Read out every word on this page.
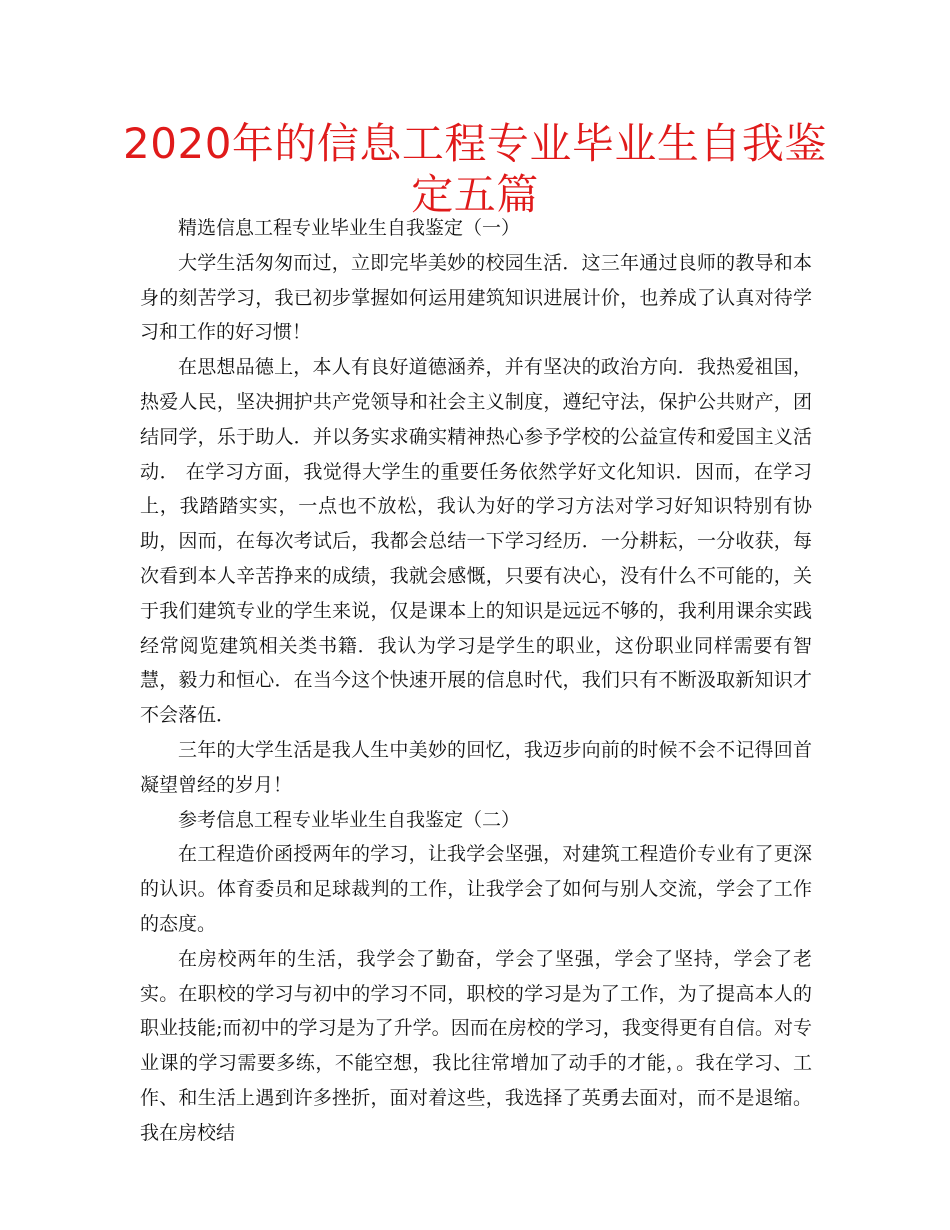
2020年的信息工程专业毕业生自我鉴定五篇

精选信息工程专业毕业生自我鉴定（一）

大学生活匆匆而过，立即完毕美妙的校园生活．这三年通过良师的教导和本身的刻苦学习，我已初步掌握如何运用建筑知识进展计价，也养成了认真对待学习和工作的好习惯！

在思想品德上，本人有良好道德涵养，并有坚决的政治方向．我热爱祖国，热爱人民，坚决拥护共产党领导和社会主义制度，遵纪守法，保护公共财产，团结同学，乐于助人．并以务实求确实精神热心参予学校的公益宣传和爱国主义活动． 在学习方面，我觉得大学生的重要任务依然学好文化知识．因而，在学习上，我踏踏实实，一点也不放松，我认为好的学习方法对学习好知识特别有协助，因而，在每次考试后，我都会总结一下学习经历．一分耕耘，一分收获，每次看到本人辛苦挣来的成绩，我就会感慨，只要有决心，没有什么不可能的，关于我们建筑专业的学生来说，仅是课本上的知识是远远不够的，我利用课余实践经常阅览建筑相关类书籍．我认为学习是学生的职业，这份职业同样需要有智慧，毅力和恒心．在当今这个快速开展的信息时代，我们只有不断汲取新知识才不会落伍．

三年的大学生活是我人生中美妙的回忆，我迈步向前的时候不会不记得回首凝望曾经的岁月！

参考信息工程专业毕业生自我鉴定（二）

在工程造价函授两年的学习，让我学会坚强，对建筑工程造价专业有了更深的认识。体育委员和足球裁判的工作，让我学会了如何与别人交流，学会了工作的态度。

在房校两年的生活，我学会了勤奋，学会了坚强，学会了坚持，学会了老实。在职校的学习与初中的学习不同，职校的学习是为了工作，为了提高本人的职业技能;而初中的学习是为了升学。因而在房校的学习，我变得更有自信。对专业课的学习需要多练，不能空想，我比往常增加了动手的才能，。我在学习、工作、和生活上遇到许多挫折，面对着这些，我选择了英勇去面对，而不是退缩。我在房校结
